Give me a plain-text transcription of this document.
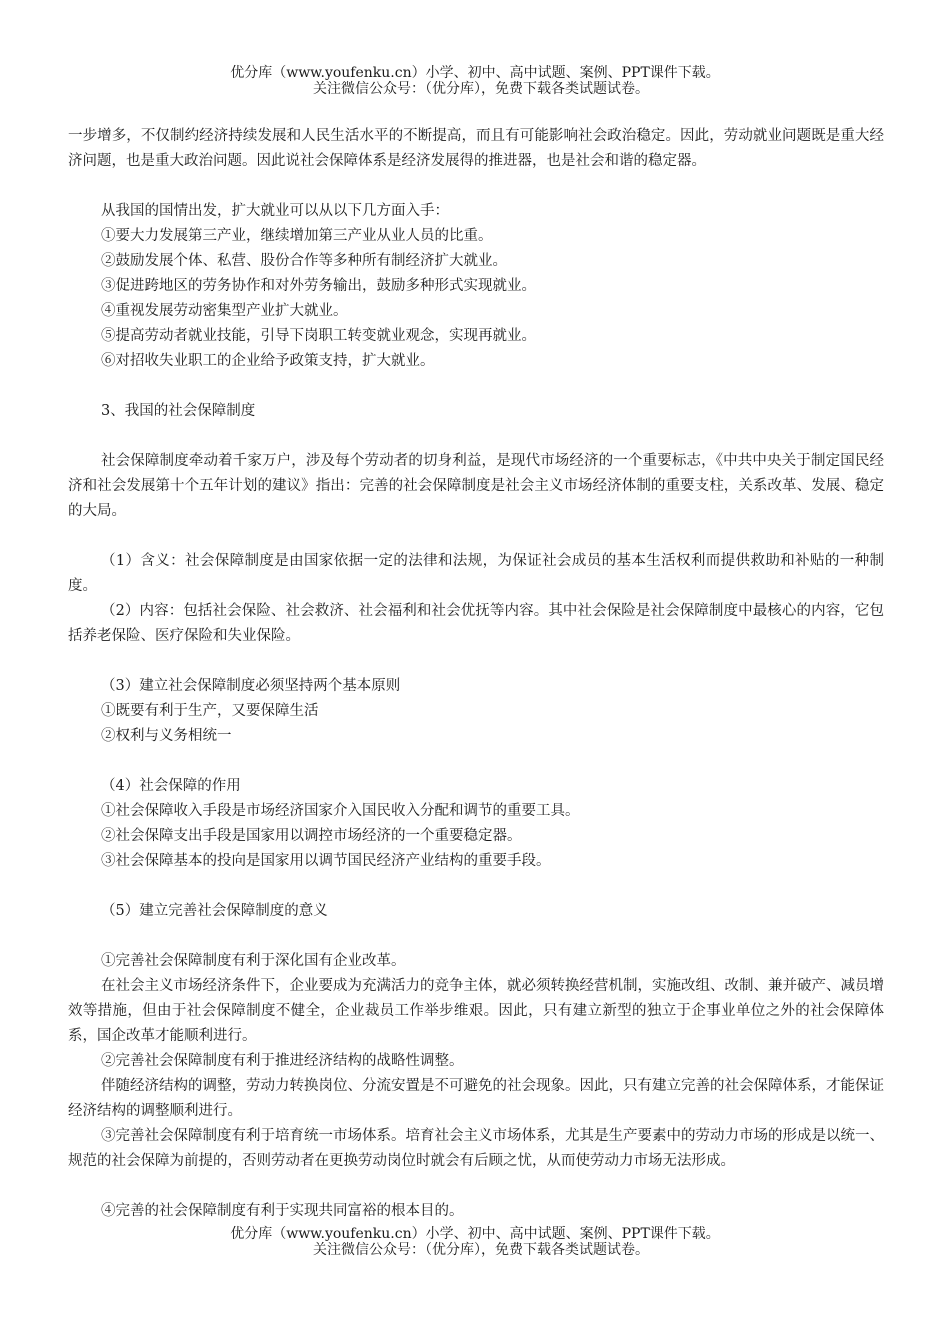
优分库（www.youfenku.cn）小学、初中、高中试题、案例、PPT课件下载。
关注微信公众号：（优分库），免费下载各类试题试卷。

一步增多，不仅制约经济持续发展和人民生活水平的不断提高，而且有可能影响社会政治稳定。因此，劳动就业问题既是重大经济问题，也是重大政治问题。因此说社会保障体系是经济发展得的推进器，也是社会和谐的稳定器。

从我国的国情出发，扩大就业可以从以下几方面入手：

①要大力发展第三产业，继续增加第三产业从业人员的比重。

②鼓励发展个体、私营、股份合作等多种所有制经济扩大就业。

③促进跨地区的劳务协作和对外劳务输出，鼓励多种形式实现就业。

④重视发展劳动密集型产业扩大就业。

⑤提高劳动者就业技能，引导下岗职工转变就业观念，实现再就业。

⑥对招收失业职工的企业给予政策支持，扩大就业。

3、我国的社会保障制度

社会保障制度牵动着千家万户，涉及每个劳动者的切身利益，是现代市场经济的一个重要标志，《中共中央关于制定国民经济和社会发展第十个五年计划的建议》指出：完善的社会保障制度是社会主义市场经济体制的重要支柱，关系改革、发展、稳定的大局。

（1）含义：社会保障制度是由国家依据一定的法律和法规，为保证社会成员的基本生活权利而提供救助和补贴的一种制度。

（2）内容：包括社会保险、社会救济、社会福利和社会优抚等内容。其中社会保险是社会保障制度中最核心的内容，它包括养老保险、医疗保险和失业保险。

（3）建立社会保障制度必须坚持两个基本原则

①既要有利于生产，又要保障生活

②权利与义务相统一

（4）社会保障的作用

①社会保障收入手段是市场经济国家介入国民收入分配和调节的重要工具。

②社会保障支出手段是国家用以调控市场经济的一个重要稳定器。

③社会保障基本的投向是国家用以调节国民经济产业结构的重要手段。

（5）建立完善社会保障制度的意义

①完善社会保障制度有利于深化国有企业改革。

在社会主义市场经济条件下，企业要成为充满活力的竞争主体，就必须转换经营机制，实施改组、改制、兼并破产、减员增效等措施，但由于社会保障制度不健全，企业裁员工作举步维艰。因此，只有建立新型的独立于企事业单位之外的社会保障体系，国企改革才能顺利进行。

②完善社会保障制度有利于推进经济结构的战略性调整。

伴随经济结构的调整，劳动力转换岗位、分流安置是不可避免的社会现象。因此，只有建立完善的社会保障体系，才能保证经济结构的调整顺利进行。

③完善社会保障制度有利于培育统一市场体系。培育社会主义市场体系，尤其是生产要素中的劳动力市场的形成是以统一、规范的社会保障为前提的，否则劳动者在更换劳动岗位时就会有后顾之忧，从而使劳动力市场无法形成。

④完善的社会保障制度有利于实现共同富裕的根本目的。

优分库（www.youfenku.cn）小学、初中、高中试题、案例、PPT课件下载。
关注微信公众号：（优分库），免费下载各类试题试卷。
